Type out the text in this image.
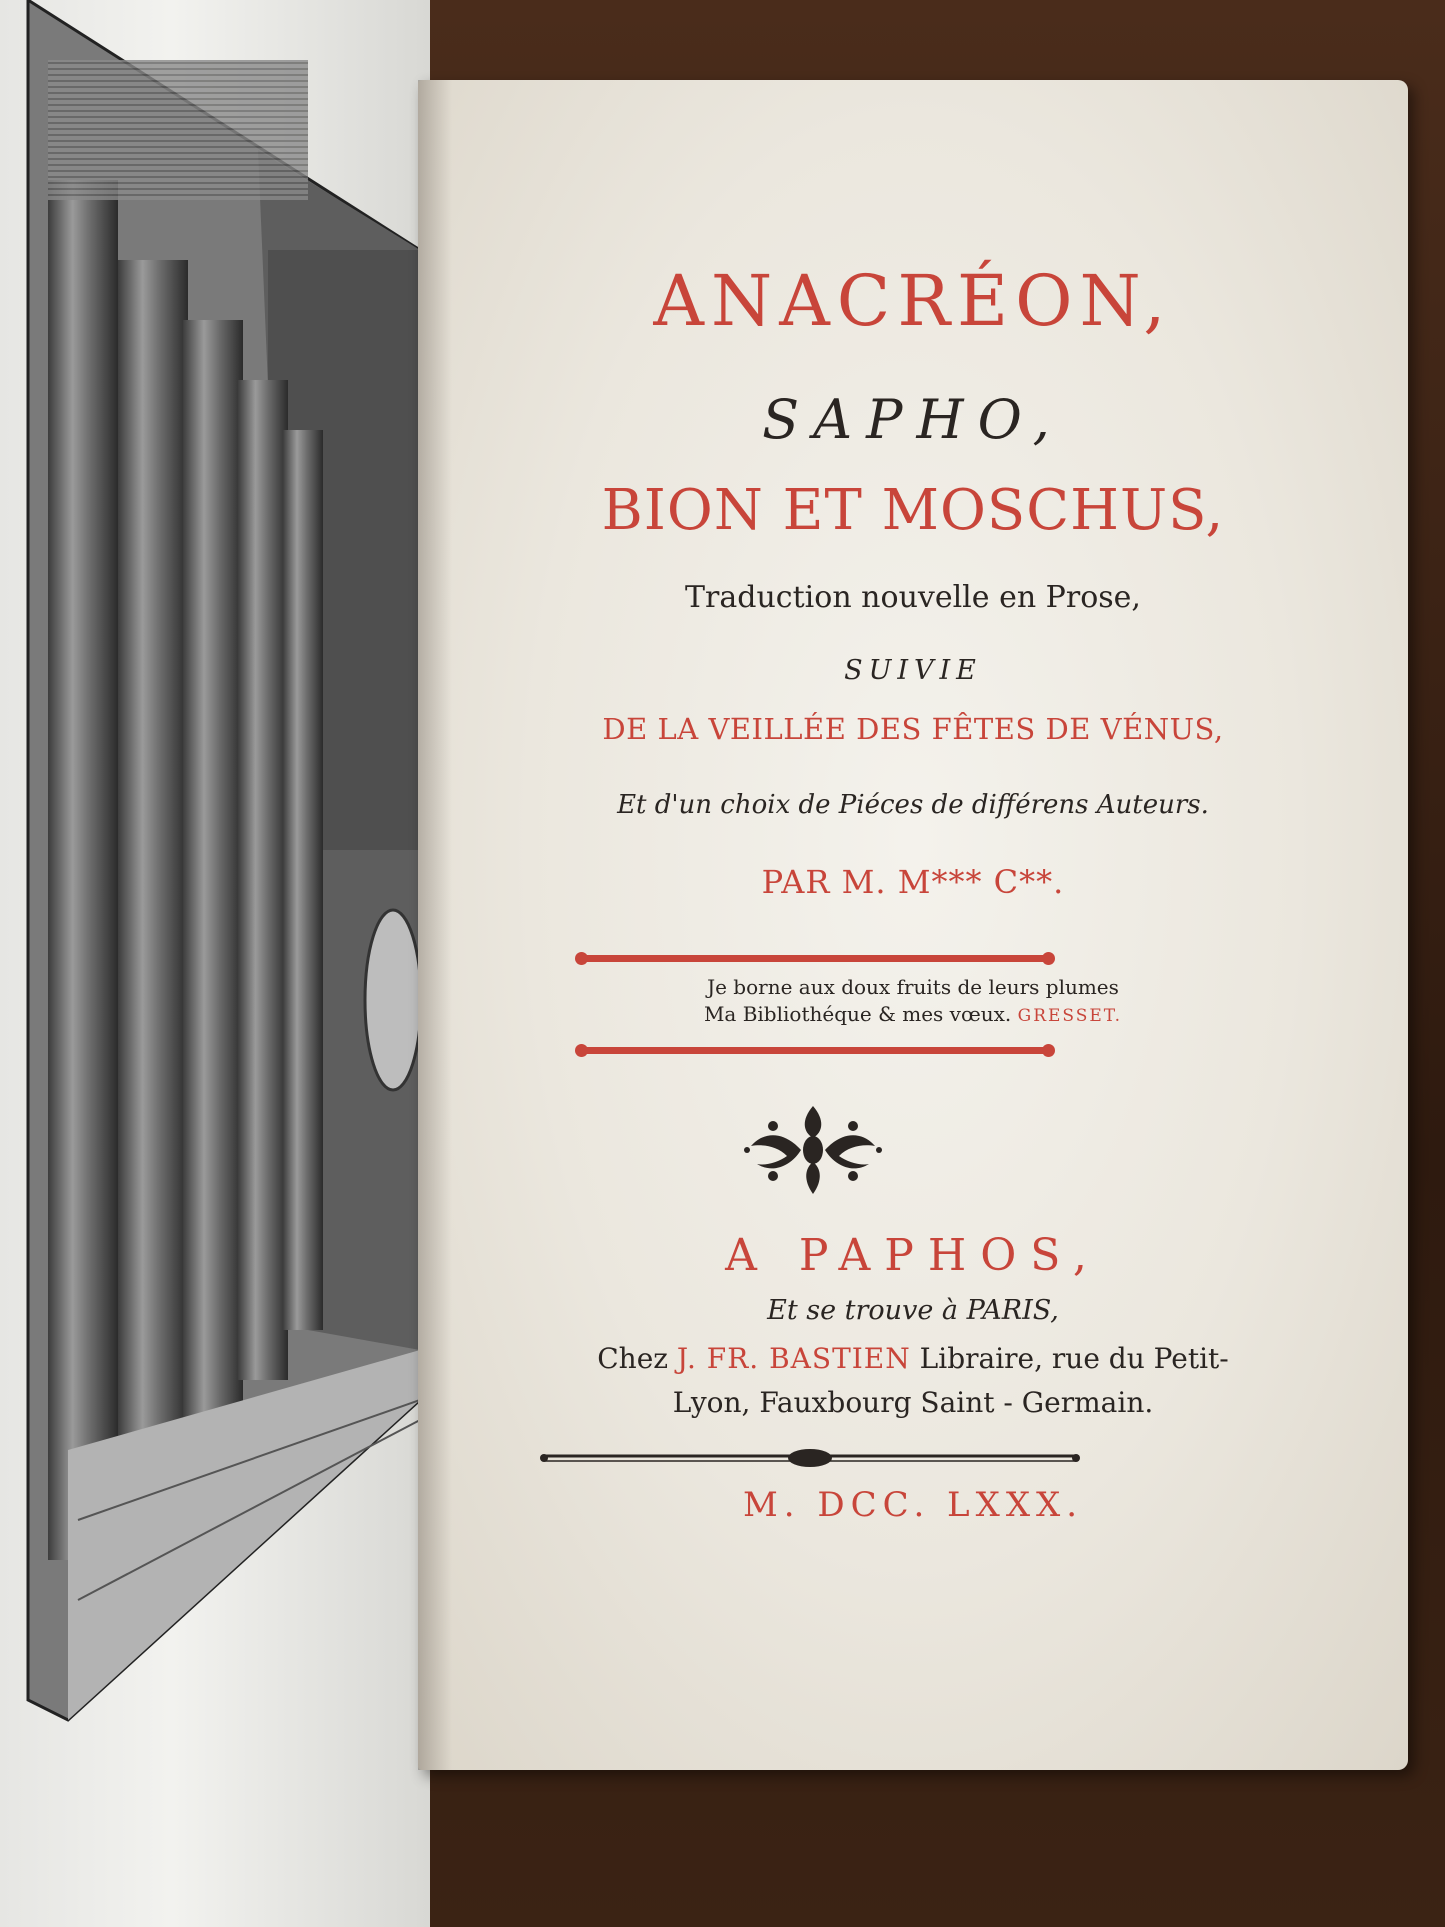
ANACRÉON,
SAPHO,
BION ET MOSCHUS,
Traduction nouvelle en Prose,
SUIVIE
DE LA VEILLÉE DES FÊTES DE VÉNUS,
Et d'un choix de Piéces de différens Auteurs.
PAR M. M*** C**.
Je borne aux doux fruits de leurs plumes
Ma Bibliothéque & mes vœux. GRESSET.
A PAPHOS,
Et se trouve à PARIS,
Chez J. FR. BASTIEN Libraire, rue du Petit-
Lyon, Fauxbourg Saint - Germain.
M. DCC. LXXX.
